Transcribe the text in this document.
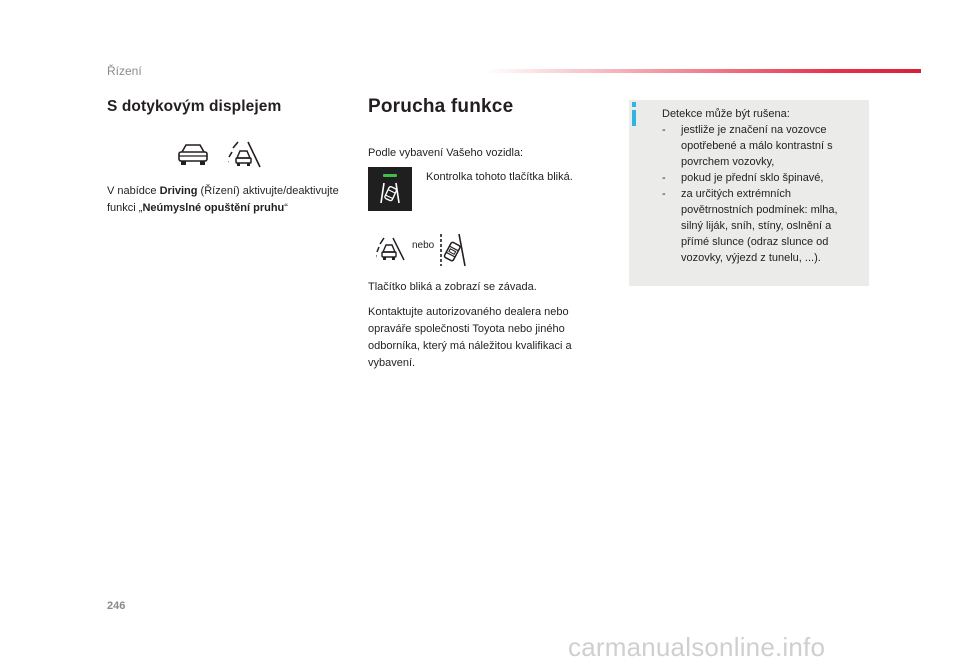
Řízení
S dotykovým displejem
V nabídce Driving (Řízení) aktivujte/deaktivujte funkci „Neúmyslné opuštění pruhu“
Porucha funkce
Podle vybavení Vašeho vozidla:
Kontrolka tohoto tlačítka bliká.
nebo
Tlačítko bliká a zobrazí se závada.
Kontaktujte autorizovaného dealera nebo opraváře společnosti Toyota nebo jiného odborníka, který má náležitou kvalifikaci a vybavení.
Detekce může být rušena:
- jestliže je značení na vozovce opotřebené a málo kontrastní s povrchem vozovky,
- pokud je přední sklo špinavé,
- za určitých extrémních povětrnostních podmínek: mlha, silný liják, sníh, stíny, oslnění a přímé slunce (odraz slunce od vozovky, výjezd z tunelu, ...).
246
carmanualsonline.info
